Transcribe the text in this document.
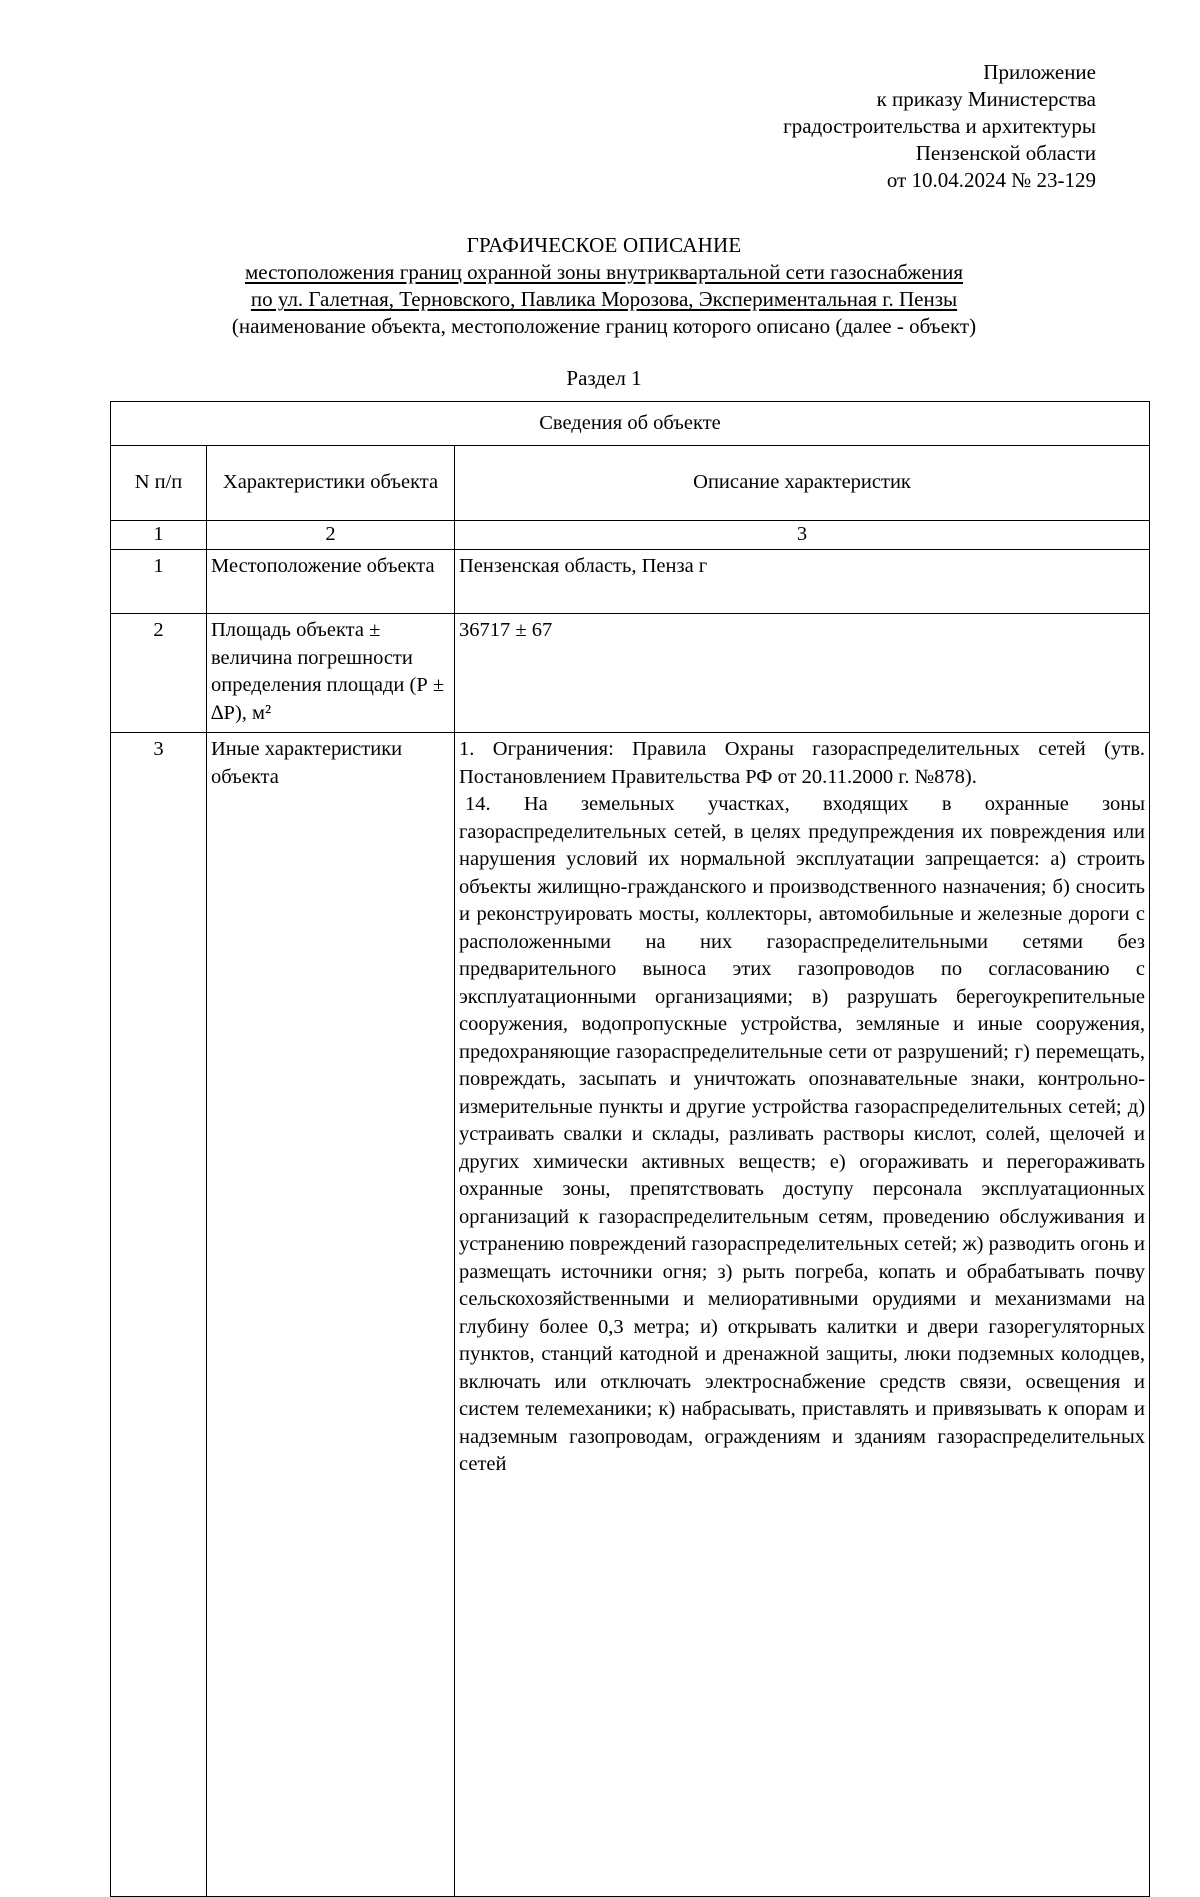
Приложение
к приказу Министерства
градостроительства и архитектуры
Пензенской области
от 10.04.2024 № 23-129
ГРАФИЧЕСКОЕ ОПИСАНИЕ
местоположения границ охранной зоны внутриквартальной сети газоснабжения
по ул. Галетная, Терновского, Павлика Морозова, Экспериментальная г. Пензы
(наименование объекта, местоположение границ которого описано (далее - объект)
Раздел 1
Сведения об объекте		
N п/п	Характеристики объекта	Описание характеристик
1	2	3
1	Местоположение объекта	Пензенская область, Пенза г
2	Площадь объекта ± величина погрешности определения площади (Р ± ∆Р), м²	36717 ± 67
3	Иные характеристики объекта	1. Ограничения: Правила Охраны газораспределительных сетей (утв. Постановлением Правительства РФ от 20.11.2000 г. №878).

14. На земельных участках, входящих в охранные зоны газораспределительных сетей, в целях предупреждения их повреждения или нарушения условий их нормальной эксплуатации запрещается: а) строить объекты жилищно-гражданского и производственного назначения; б) сносить и реконструировать мосты, коллекторы, автомобильные и железные дороги с расположенными на них газораспределительными сетями без предварительного выноса этих газопроводов по согласованию с эксплуатационными организациями; в) разрушать берегоукрепительные сооружения, водопропускные устройства, земляные и иные сооружения, предохраняющие газораспределительные сети от разрушений; г) перемещать, повреждать, засыпать и уничтожать опознавательные знаки, контрольно-измерительные пункты и другие устройства газораспределительных сетей; д) устраивать свалки и склады, разливать растворы кислот, солей, щелочей и других химически активных веществ; е) огораживать и перегораживать охранные зоны, препятствовать доступу персонала эксплуатационных организаций к газораспределительным сетям, проведению обслуживания и устранению повреждений газораспределительных сетей; ж) разводить огонь и размещать источники огня; з) рыть погреба, копать и обрабатывать почву сельскохозяйственными и мелиоративными орудиями и механизмами на глубину более 0,3 метра; и) открывать калитки и двери газорегуляторных пунктов, станций катодной и дренажной защиты, люки подземных колодцев, включать или отключать электроснабжение средств связи, освещения и систем телемеханики; к) набрасывать, приставлять и привязывать к опорам и надземным газопроводам, ограждениям и зданиям газораспределительных сетей
